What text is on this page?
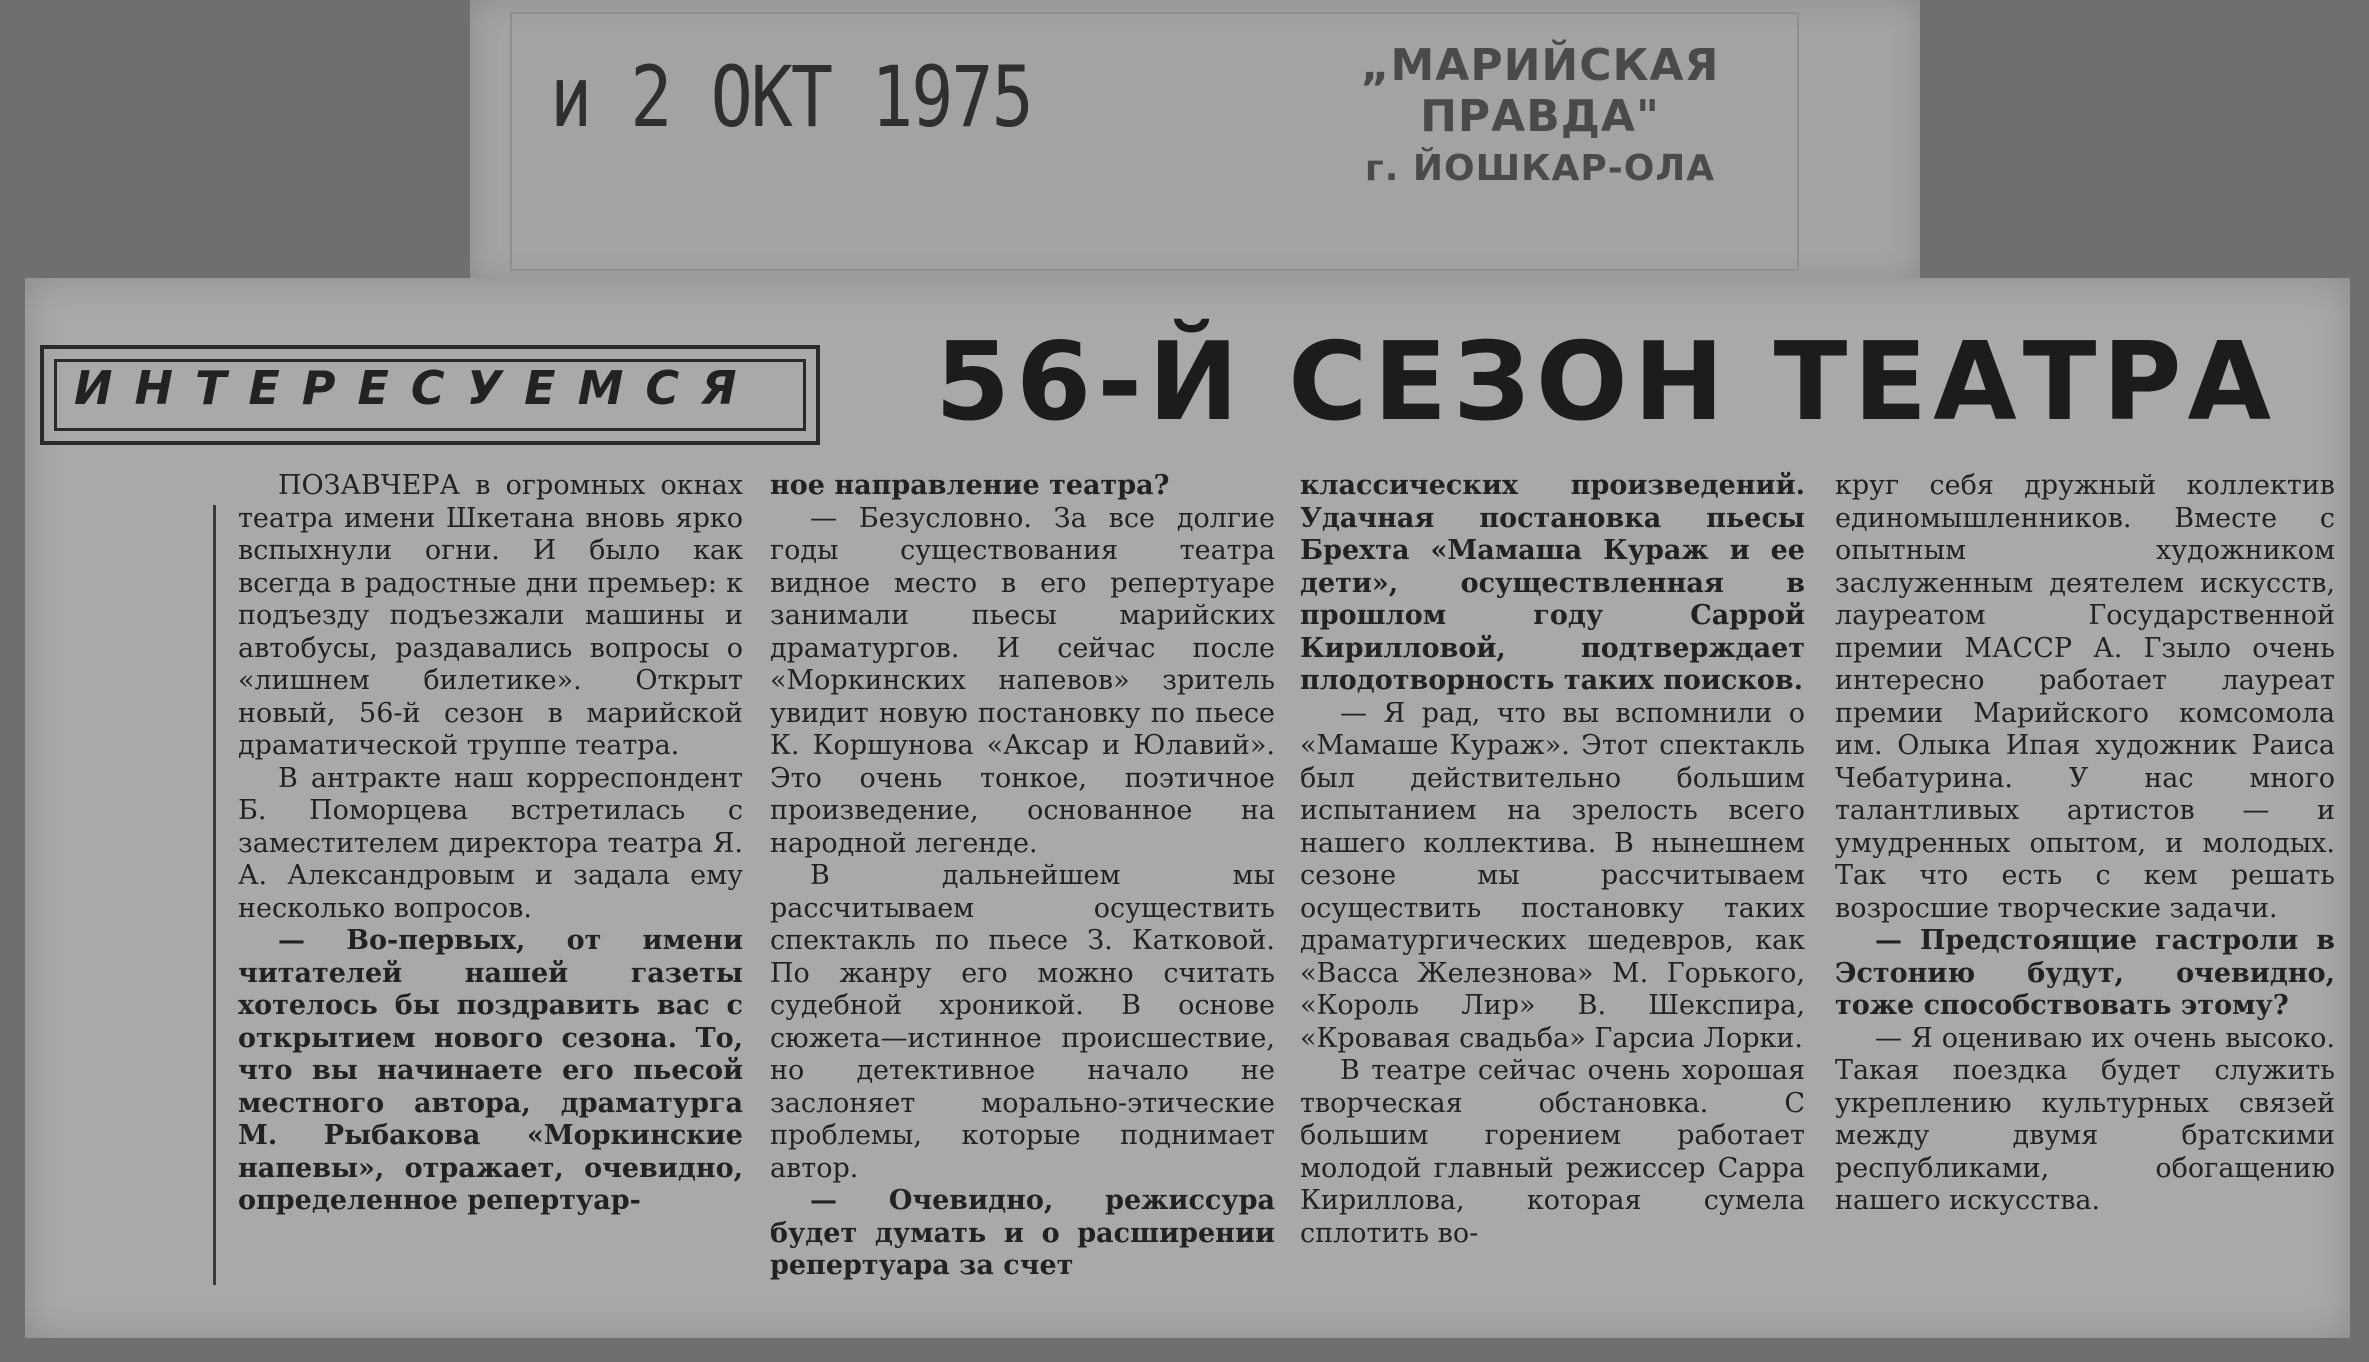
и 2 ОКТ 1975	„МАРИЙСКАЯ ПРАВДА"
г. ЙОШКАР-ОЛА
ИНТЕРЕСУЕМСЯ 56-Й СЕЗОН ТЕАТРА

ПОЗАВЧЕРА в огромных окнах театра имени Шкетана вновь ярко вспыхнули огни. И было как всегда в радостные дни премьер: к подъезду подъезжали машины и автобусы, раздавались вопросы о «лишнем билетике». Открыт новый, 56-й сезон в марийской драматической труппе театра.

В антракте наш корреспондент Б. Поморцева встретилась с заместителем директора театра Я. А. Александровым и задала ему несколько вопросов.

— Во-первых, от имени читателей нашей газеты хотелось бы поздравить вас с открытием нового сезона. То, что вы начинаете его пьесой местного автора, драматурга М. Рыбакова «Моркинские напевы», отражает, очевидно, определенное репертуар-

ное направление театра?

— Безусловно. За все долгие годы существования театра видное место в его репертуаре занимали пьесы марийских драматургов. И сейчас после «Моркинских напевов» зритель увидит новую постановку по пьесе К. Коршунова «Аксар и Юлавий». Это очень тонкое, поэтичное произведение, основанное на народной легенде.

В дальнейшем мы рассчитываем осуществить спектакль по пьесе З. Катковой. По жанру его можно считать судебной хроникой. В основе сюжета—истинное происшествие, но детективное начало не заслоняет морально-этические проблемы, которые поднимает автор.

— Очевидно, режиссура будет думать и о расширении репертуара за счет

классических произведений. Удачная постановка пьесы Брехта «Мамаша Кураж и ее дети», осуществленная в прошлом году Саррой Кирилловой, подтверждает плодотворность таких поисков.

— Я рад, что вы вспомнили о «Мамаше Кураж». Этот спектакль был действительно большим испытанием на зрелость всего нашего коллектива. В нынешнем сезоне мы рассчитываем осуществить постановку таких драматургических шедевров, как «Васса Железнова» М. Горького, «Король Лир» В. Шекспира, «Кровавая свадьба» Гарсиа Лорки.

В театре сейчас очень хорошая творческая обстановка. С большим горением работает молодой главный режиссер Сарра Кириллова, которая сумела сплотить во-

круг себя дружный коллектив единомышленников. Вместе с опытным художником заслуженным деятелем искусств, лауреатом Государственной премии МАССР А. Гзыло очень интересно работает лауреат премии Марийского комсомола им. Олыка Ипая художник Раиса Чебатурина. У нас много талантливых артистов — и умудренных опытом, и молодых. Так что есть с кем решать возросшие творческие задачи.

— Предстоящие гастроли в Эстонию будут, очевидно, тоже способствовать этому?

— Я оцениваю их очень высоко. Такая поездка будет служить укреплению культурных связей между двумя братскими республиками, обогащению нашего искусства.
